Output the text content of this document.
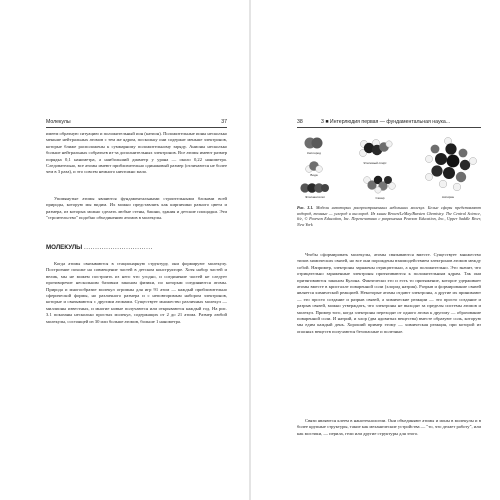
Молекулы	37

имеем обратную ситуацию и положительный ион (катион). Положительные ионы несколько меньше нейтральных атомов с тем же ядром, поскольку они содержат меньше электронов, которые ближе расположены к суммарному положительному заряду. Анионы несколько больше нейтральных собратьев из-за дополнительных электронов. Все атомы имеют размер порядка 0,1 нанометра, а наибольший диаметр у урана — около 0,22 нанометра. Следовательно, все атомы имеют приблизительно одинаковый размер (отличаются не более чем в 3 раза), и это совсем немного ничтожно мало.

Упомянутые атомы являются фундаментальными строительными блоками всей природы, которую мы видим. Их можно представлять как кирпичики разного цвета и размера, из которых можно сделать любые стены, башни, здания и детские площадки. Эти "строительство" подобно объединению атомов в молекулы.

МОЛЕКУЛЫ ...............................

Когда атомы связываются в стационарную структуру, они формируют молекулу. Построение похоже на совмещение частей в детском конструкторе. Хотя набор частей и велик, мы не можем построить из него что угодно, и соединение частей не следует противоречит нескольким базовым законам физики, по которым соединяются атомы. Природа и многообразие молекул огромны для игр 91 атом — каждый приблизительно сферической формы, но различного размера и с неповторимым набором электронов, которые и связываются с другими атомами. Существует множество различных молекул — миллионы известных, и многие новые получаются или открываются каждый год. На рис. 3.1 показаны несколько простых молекул, содержащих от 2 до 21 атома. Размер любой молекулы, состоящей из 30 или больше атомов, больше 1 нанометра.

38	3 ■ Интерлюдия первая — фундаментальная наука...
Кислород
Этиловый спирт
Вода
Этилакетилат	Сахар	Аспирин

Рис. 3.1. Модели некоторых распространенных небольших молекул. Белые сферы представляют водород, темные — углерод и кислород. Из книги Brown/LeMay/Bursten Chemistry. The Central Science, 6/e, © Pearson Education, Inc. Перепечатано с разрешения Pearson Education, Inc., Upper Saddle River, New York

Чтобы сформировать молекулы, атомы связываются вместе. Существует множество типов химических связей, но все они порождены взаимодействием электронов атомов между собой. Например, электроны заряжены отрицательно, а ядро положительно. Это значит, что отрицательно заряженные электроны притягиваются к положительным ядрам. Так они притягиваются законом Кулона. Фактически это и есть то притяжение, которое удерживает атомы вместе в кристалле поваренной соли (хлорид натрия). Разрыв и формирование связей является химической реакцией. Некоторые атомы отдают электроны, а другие их принимают — это просто создание и разрыв связей, а химические реакции — это просто создание и разрыв связей, можно утверждать, что электроны не выходят за пределы системы атомов и молекул. Пример того, когда электроны переходят от одного атома к другому — образование поваренной соли. И натрий, и хлор (два ядовитых вещества) вместе образуют соль, которую мы едим каждый день. Хороший пример этому — химическая реакция, при которой из опасных веществ получаются безопасные и полезные.

Связи являются клеем в нанотехнологии. Они объединяют атомы и ионы в молекулы и в более крупные структуры, такие как механические устройства — "то, что делает работу", или как мостики, — перила, гели или другие структуры для этого.
